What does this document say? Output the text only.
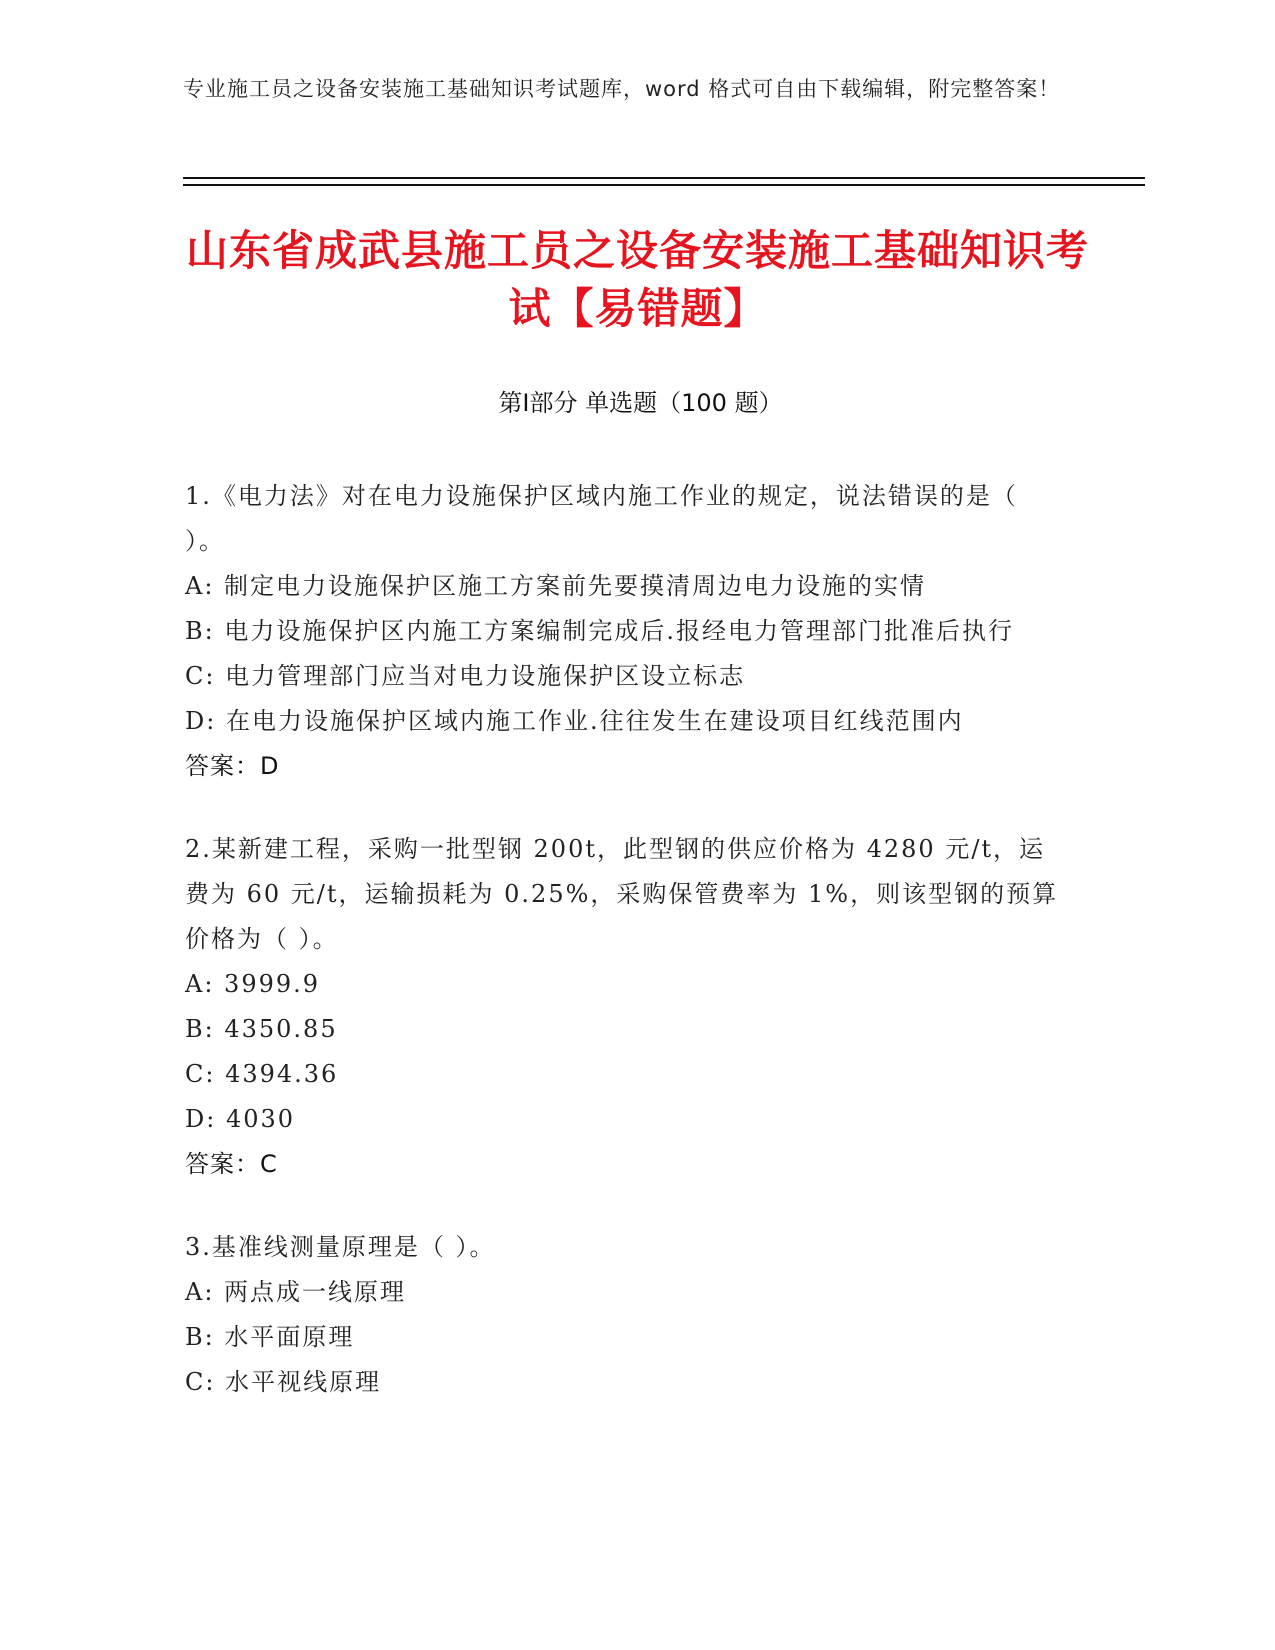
专业施工员之设备安装施工基础知识考试题库，word 格式可自由下载编辑，附完整答案！
山东省成武县施工员之设备安装施工基础知识考试【易错题】
第Ⅰ部分 单选题（100 题）

1.《电力法》对在电力设施保护区域内施工作业的规定，说法错误的是（ ）。

A: 制定电力设施保护区施工方案前先要摸清周边电力设施的实情

B: 电力设施保护区内施工方案编制完成后.报经电力管理部门批准后执行

C: 电力管理部门应当对电力设施保护区设立标志

D: 在电力设施保护区域内施工作业.往往发生在建设项目红线范围内

答案：D

2.某新建工程，采购一批型钢 200t，此型钢的供应价格为 4280 元/t，运费为 60 元/t，运输损耗为 0.25%，采购保管费率为 1%，则该型钢的预算价格为（ ）。

A: 3999.9

B: 4350.85

C: 4394.36

D: 4030

答案：C

3.基准线测量原理是（ ）。

A: 两点成一线原理

B: 水平面原理

C: 水平视线原理
